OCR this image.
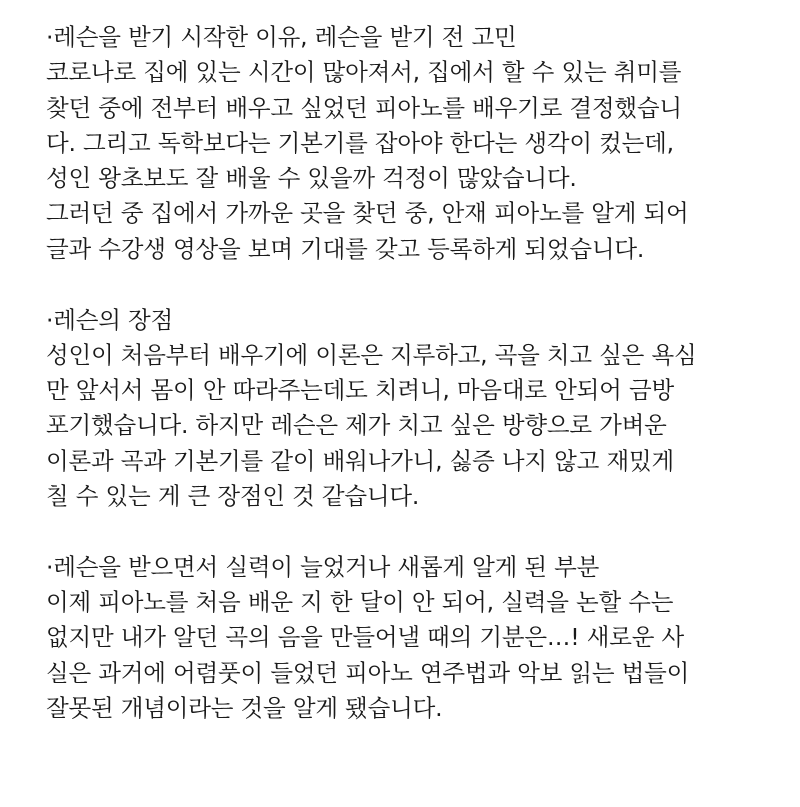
·레슨을 받기 시작한 이유, 레슨을 받기 전 고민
코로나로 집에 있는 시간이 많아져서, 집에서 할 수 있는 취미를
찾던 중에 전부터 배우고 싶었던 피아노를 배우기로 결정했습니
다. 그리고 독학보다는 기본기를 잡아야 한다는 생각이 컸는데,
성인 왕초보도 잘 배울 수 있을까 걱정이 많았습니다.
그러던 중 집에서 가까운 곳을 찾던 중, 안재 피아노를 알게 되어
글과 수강생 영상을 보며 기대를 갖고 등록하게 되었습니다.
·레슨의 장점
성인이 처음부터 배우기에 이론은 지루하고, 곡을 치고 싶은 욕심
만 앞서서 몸이 안 따라주는데도 치려니, 마음대로 안되어 금방
포기했습니다. 하지만 레슨은 제가 치고 싶은 방향으로 가벼운
이론과 곡과 기본기를 같이 배워나가니, 싫증 나지 않고 재밌게
칠 수 있는 게 큰 장점인 것 같습니다.
·레슨을 받으면서 실력이 늘었거나 새롭게 알게 된 부분
이제 피아노를 처음 배운 지 한 달이 안 되어, 실력을 논할 수는
없지만 내가 알던 곡의 음을 만들어낼 때의 기분은…! 새로운 사
실은 과거에 어렴풋이 들었던 피아노 연주법과 악보 읽는 법들이
잘못된 개념이라는 것을 알게 됐습니다.
